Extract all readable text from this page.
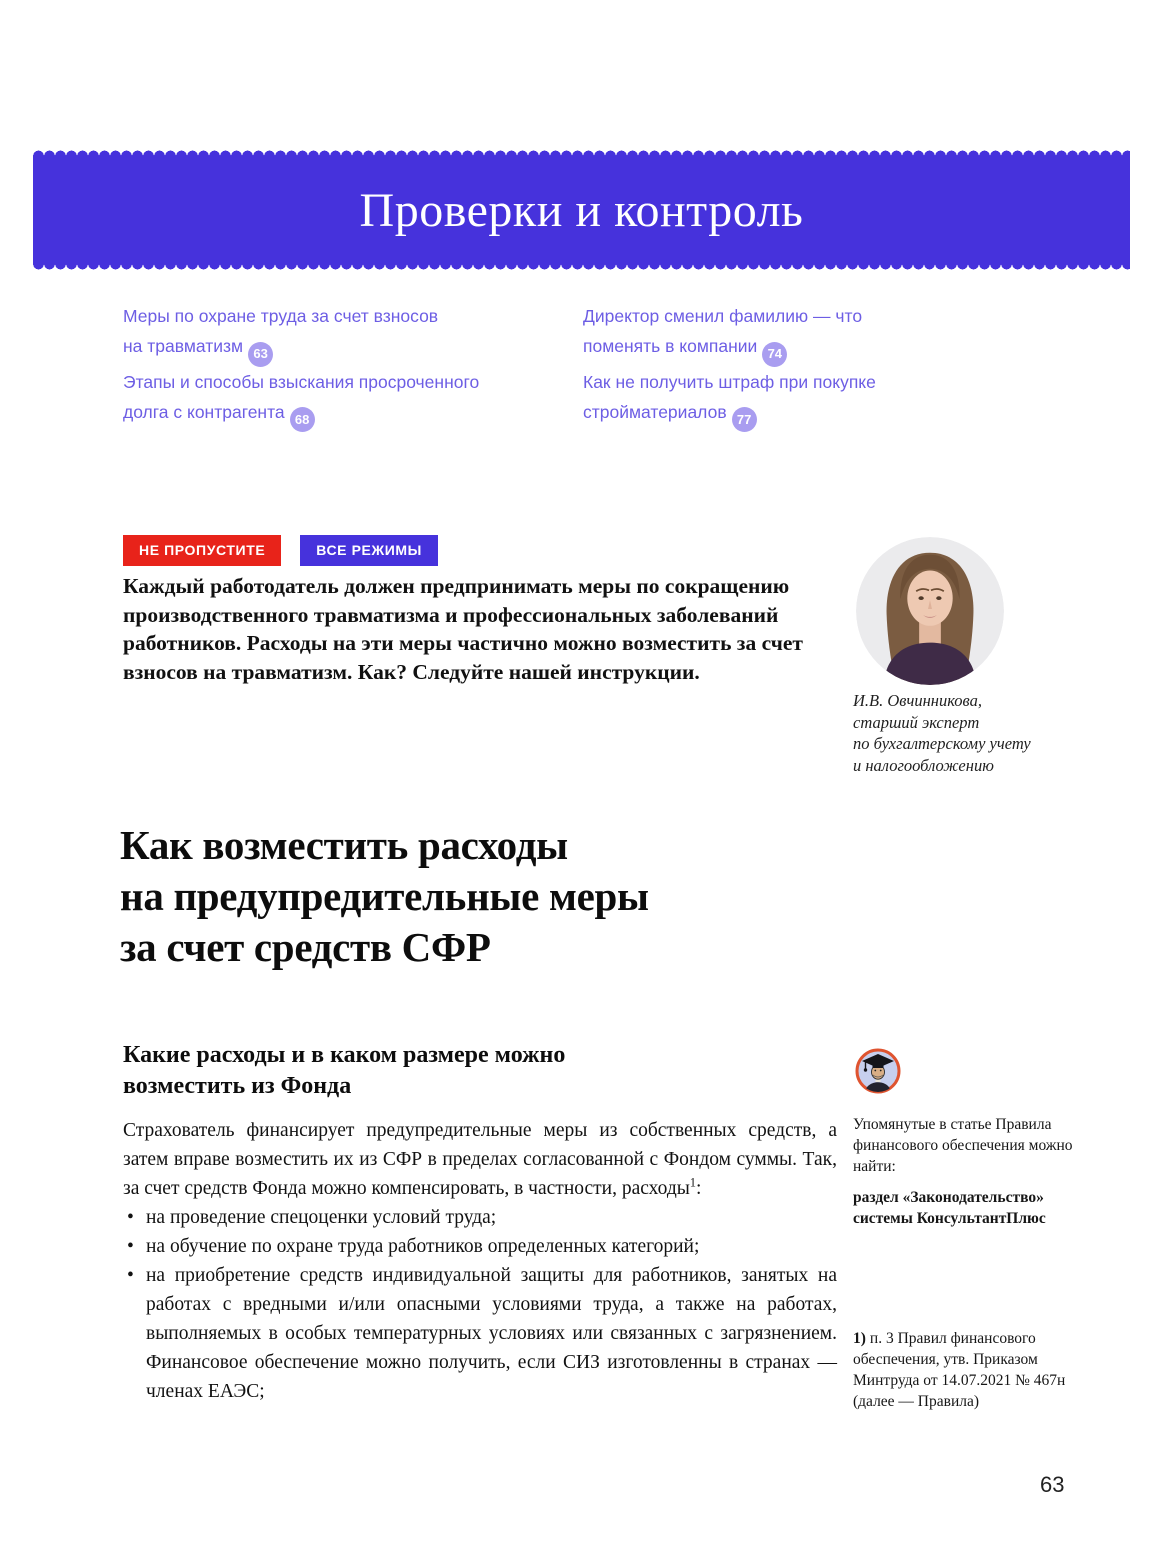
Проверки и контроль
Меры по охране труда за счет взносов на травматизм 63
Этапы и способы взыскания просроченного долга с контрагента 68
Директор сменил фамилию — что поменять в компании 74
Как не получить штраф при покупке стройматериалов 77
НЕ ПРОПУСТИТЕ	ВСЕ РЕЖИМЫ

Каждый работодатель должен предпринимать меры по сокращению производственного травматизма и профессиональных заболеваний работников. Расходы на эти меры частично можно возместить за счет взносов на травматизм. Как? Следуйте нашей инструкции.

И.В. Овчинникова,
старший эксперт
по бухгалтерскому учету
и налогообложению
Как возместить расходы
на предупредительные меры
за счет средств СФР
Какие расходы и в каком размере можно
возместить из Фонда

Страхователь финансирует предупредительные меры из собственных средств, а затем вправе возместить их из СФР в пределах согласованной с Фондом суммы. Так, за счет средств Фонда можно компенсировать, в частности, расходы$^1$:

• на проведение спецоценки условий труда;
• на обучение по охране труда работников определенных категорий;
• на приобретение средств индивидуальной защиты для работников, занятых на работах с вредными и/или опасными условиями труда, а также на работах, выполняемых в особых температурных условиях или связанных с загрязнением. Финансовое обеспечение можно получить, если СИЗ изготовленны в странах — членах ЕАЭС;

Упомянутые в статье Правила финансового обеспечения можно найти:

раздел «Законодательство» системы КонсультантПлюс

1) п. 3 Правил финансового обеспечения, утв. Приказом Минтруда от 14.07.2021 № 467н (далее — Правила)
63
